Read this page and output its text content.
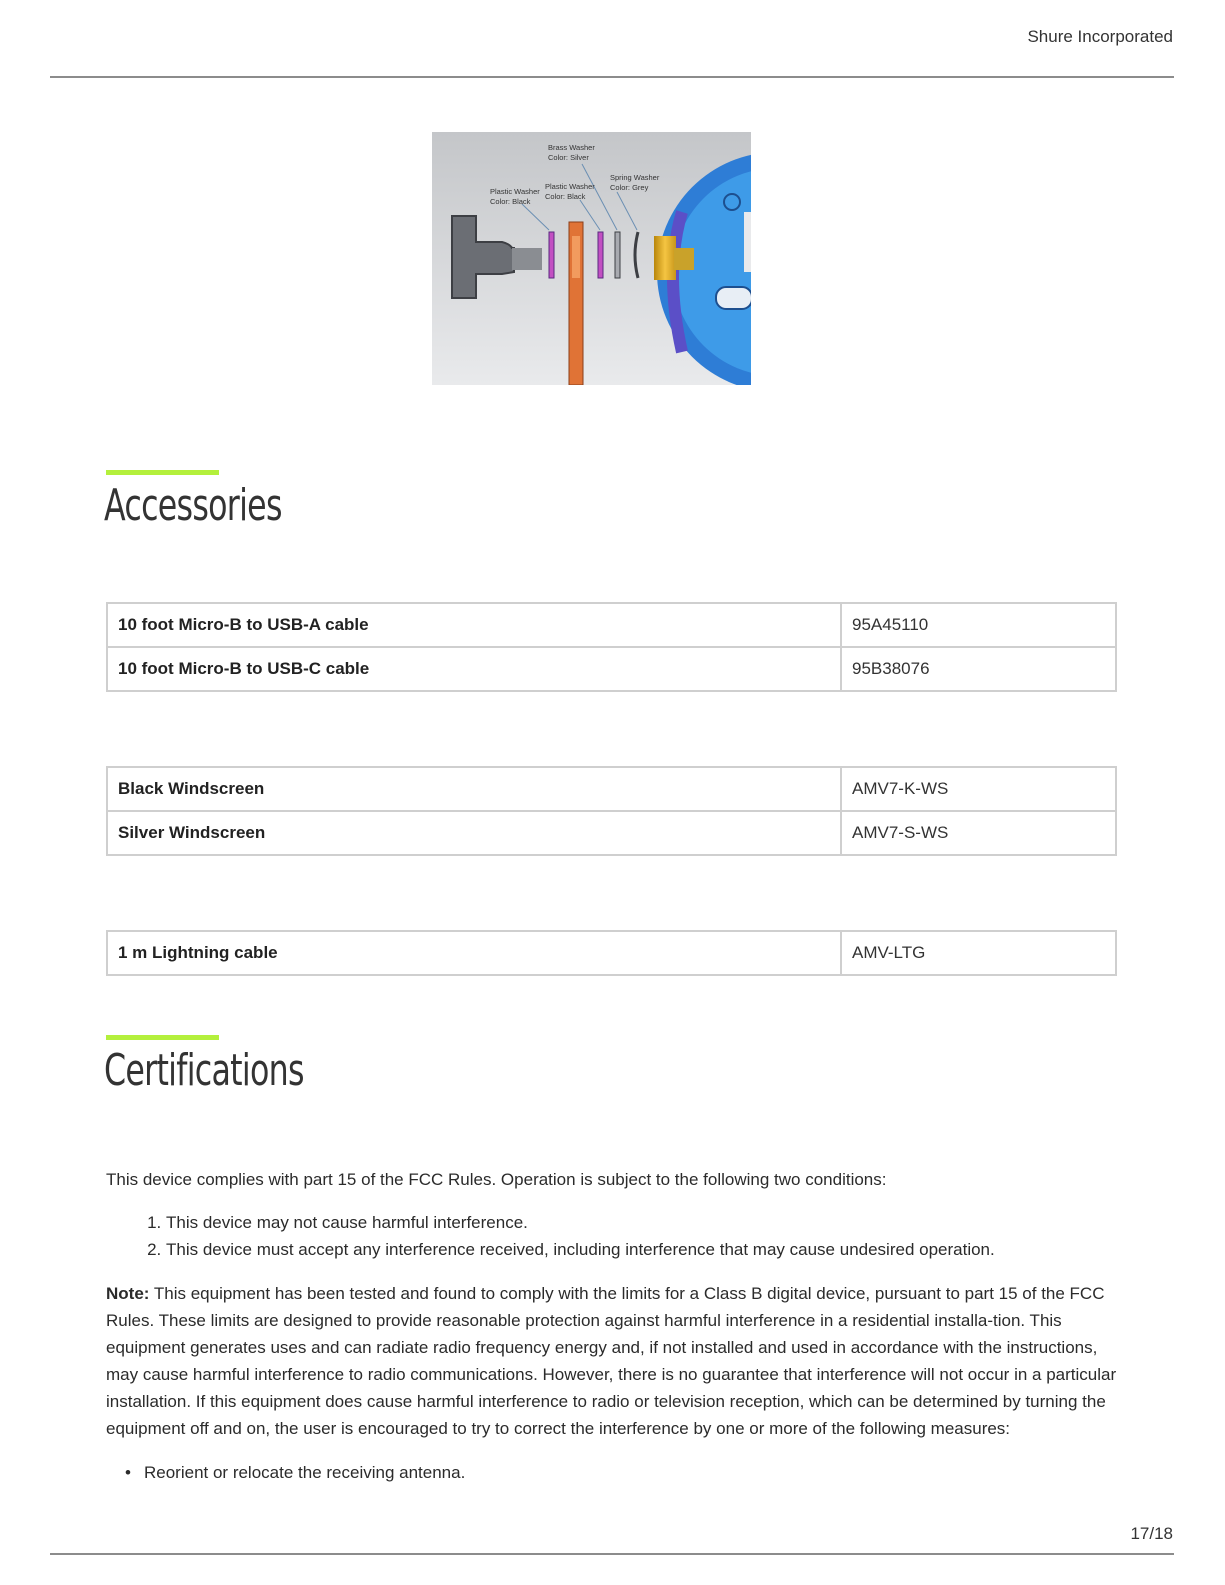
Shure Incorporated
Brass Washer Color: Silver
Plastic Washer Color: Black
Plastic Washer Color: Black
Spring Washer Color: Grey
Accessories
10 foot Micro-B to USB-A cable	95A45110
10 foot Micro-B to USB-C cable	95B38076
Black Windscreen	AMV7-K-WS
Silver Windscreen	AMV7-S-WS
1 m Lightning cable	AMV-LTG
Certifications

This device complies with part 15 of the FCC Rules. Operation is subject to the following two conditions:

1. This device may not cause harmful interference.
2. This device must accept any interference received, including interference that may cause undesired operation.

Note: This equipment has been tested and found to comply with the limits for a Class B digital device, pursuant to part 15 of the FCC Rules. These limits are designed to provide reasonable protection against harmful interference in a residential installa-tion. This equipment generates uses and can radiate radio frequency energy and, if not installed and used in accordance with the instructions, may cause harmful interference to radio communications. However, there is no guarantee that interference will not occur in a particular installation. If this equipment does cause harmful interference to radio or television reception, which can be determined by turning the equipment off and on, the user is encouraged to try to correct the interference by one or more of the following measures:

• Reorient or relocate the receiving antenna.
17/18
